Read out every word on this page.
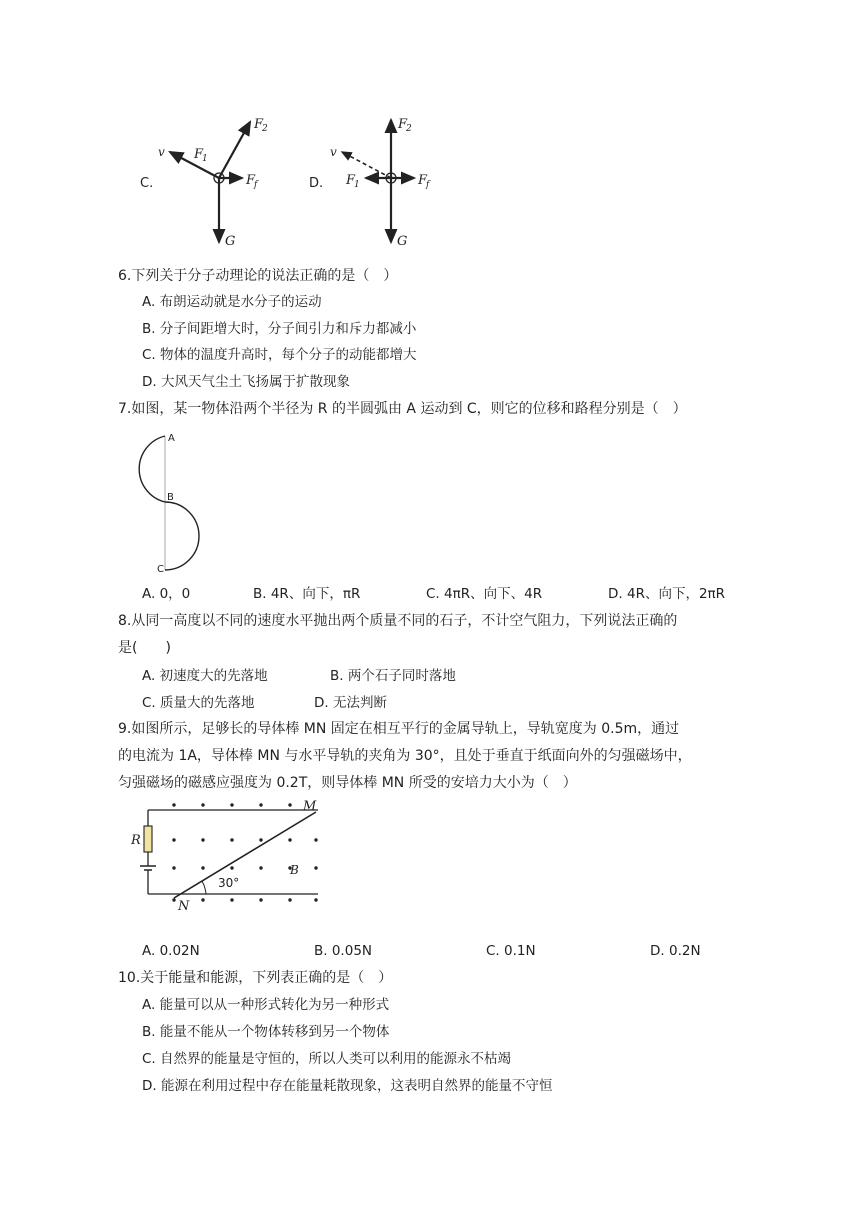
C.
F
2
F
1
F
f
G
v
D.
F
2
F
1	F
f
G
v
6.下列关于分子动理论的说法正确的是（　）
A. 布朗运动就是水分子的运动
B. 分子间距增大时，分子间引力和斥力都减小
C. 物体的温度升高时，每个分子的动能都增大
D. 大风天气尘土飞扬属于扩散现象
7.如图，某一物体沿两个半径为 R 的半圆弧由 A 运动到 C，则它的位移和路程分别是（　）
A
B
C
A. 0，0	B. 4R、向下，πR	C. 4πR、向下、4R	D. 4R、向下，2πR
8.从同一高度以不同的速度水平抛出两个质量不同的石子，不计空气阻力，下列说法正确的
是(　　)
A. 初速度大的先落地	B. 两个石子同时落地
C. 质量大的先落地	D. 无法判断
9.如图所示，足够长的导体棒 MN 固定在相互平行的金属导轨上，导轨宽度为 0.5m，通过
的电流为 1A，导体棒 MN 与水平导轨的夹角为 30°，且处于垂直于纸面向外的匀强磁场中，
匀强磁场的磁感应强度为 0.2T，则导体棒 MN 所受的安培力大小为（　）
M
N
R
B
30°
A. 0.02N	B. 0.05N	C. 0.1N	D. 0.2N
10.关于能量和能源，下列表正确的是（　）
A. 能量可以从一种形式转化为另一种形式
B. 能量不能从一个物体转移到另一个物体
C. 自然界的能量是守恒的，所以人类可以利用的能源永不枯竭
D. 能源在利用过程中存在能量耗散现象，这表明自然界的能量不守恒
